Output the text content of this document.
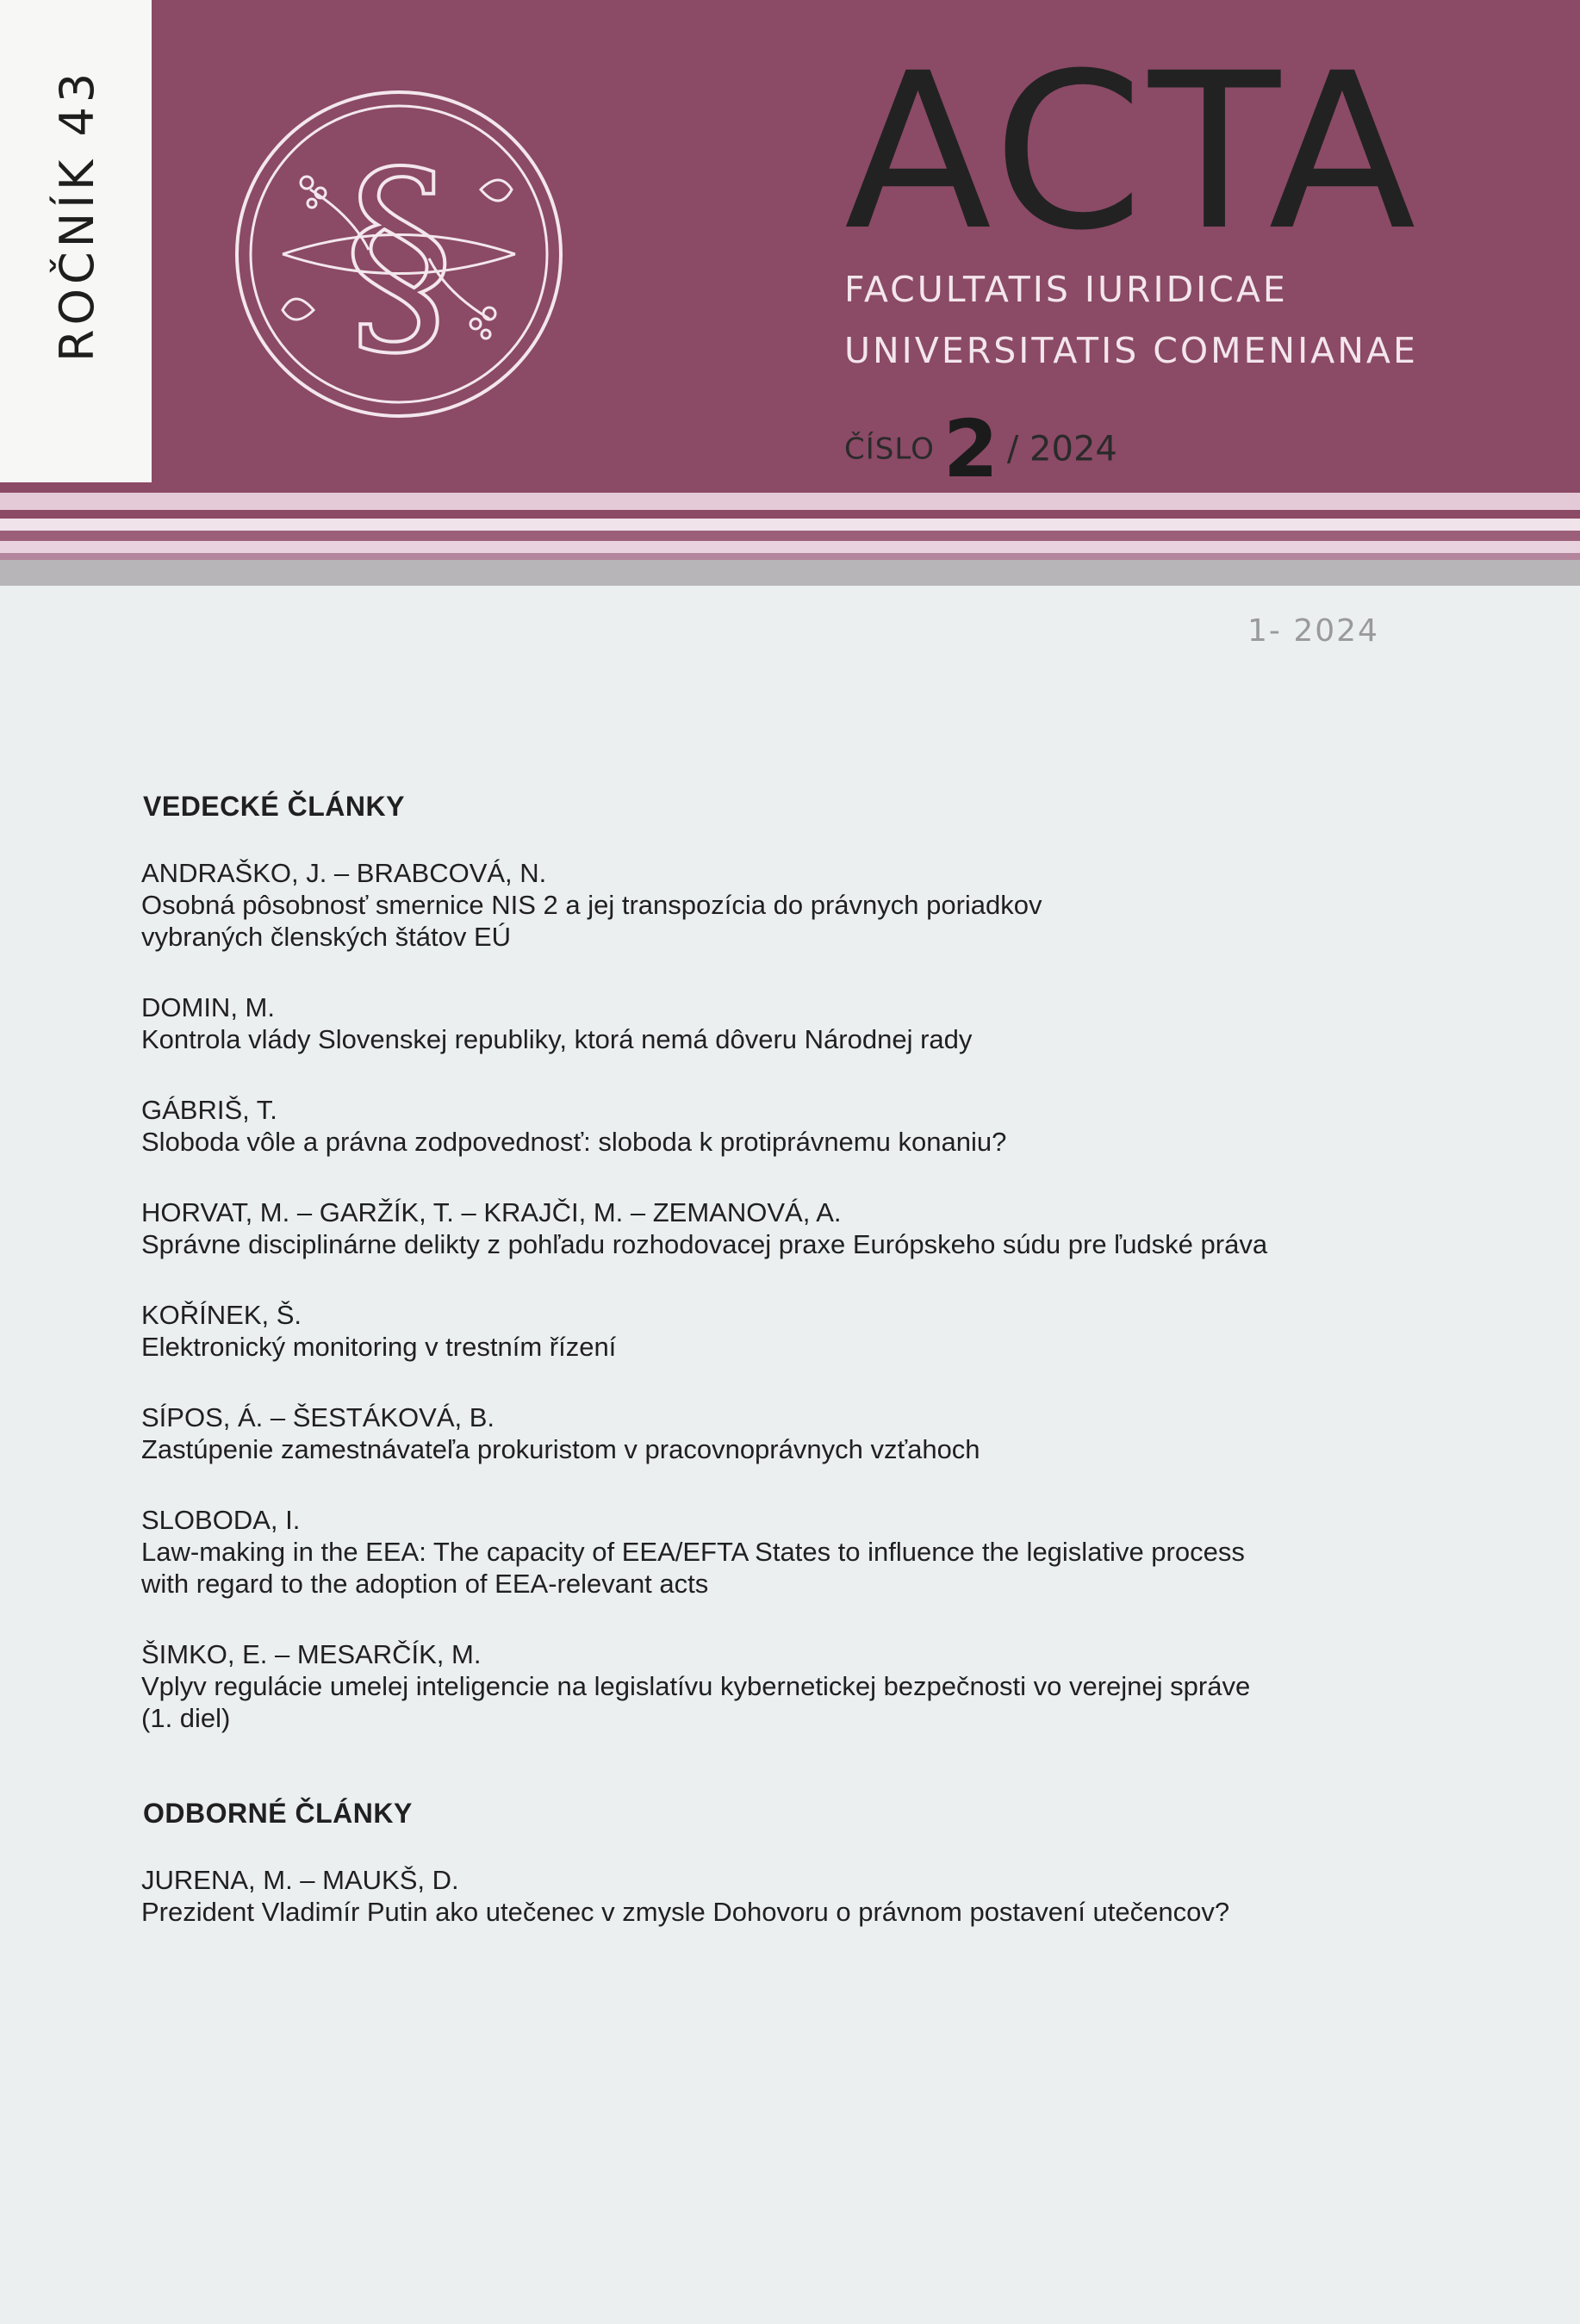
ROČNÍK43
§ ACTA
FACULTATIS IURIDICAE
UNIVERSITATIS COMENIANAE
ČÍSLO 2 / 2024
1- 2024
VEDECKÉ ČLÁNKY
ANDRAŠKO, J. – BRABCOVÁ, N.
Osobná pôsobnosť smernice NIS 2 a jej transpozícia do právnych poriadkov
vybraných členských štátov EÚ
DOMIN, M.
Kontrola vlády Slovenskej republiky, ktorá nemá dôveru Národnej rady
GÁBRIŠ, T.
Sloboda vôle a právna zodpovednosť: sloboda k protiprávnemu konaniu?
HORVAT, M. – GARŽÍK, T. – KRAJČI, M. – ZEMANOVÁ, A.
Správne disciplinárne delikty z pohľadu rozhodovacej praxe Európskeho súdu pre ľudské práva
KOŘÍNEK, Š.
Elektronický monitoring v trestním řízení
SÍPOS, Á. – ŠESTÁKOVÁ, B.
Zastúpenie zamestnávateľa prokuristom v pracovnoprávnych vzťahoch
SLOBODA, I.
Law-making in the EEA: The capacity of EEA/EFTA States to influence the legislative process
with regard to the adoption of EEA-relevant acts
ŠIMKO, E. – MESARČÍK, M.
Vplyv regulácie umelej inteligencie na legislatívu kybernetickej bezpečnosti vo verejnej správe
(1. diel)
ODBORNÉ ČLÁNKY
JURENA, M. – MAUKŠ, D.
Prezident Vladimír Putin ako utečenec v zmysle Dohovoru o právnom postavení utečencov?
